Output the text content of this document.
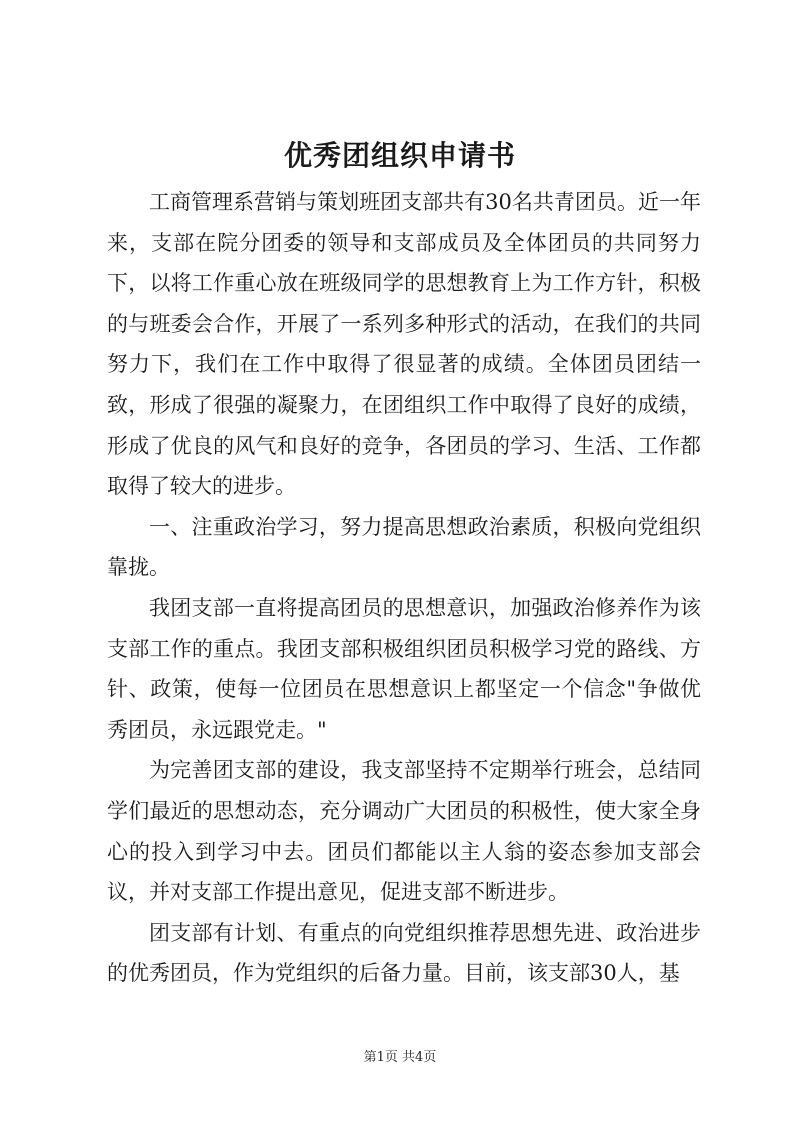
优秀团组织申请书

工商管理系营销与策划班团支部共有30名共青团员。近一年来，支部在院分团委的领导和支部成员及全体团员的共同努力下，以将工作重心放在班级同学的思想教育上为工作方针，积极的与班委会合作，开展了一系列多种形式的活动，在我们的共同努力下，我们在工作中取得了很显著的成绩。全体团员团结一致，形成了很强的凝聚力，在团组织工作中取得了良好的成绩，形成了优良的风气和良好的竞争，各团员的学习、生活、工作都取得了较大的进步。

一、注重政治学习，努力提高思想政治素质，积极向党组织靠拢。

我团支部一直将提高团员的思想意识，加强政治修养作为该支部工作的重点。我团支部积极组织团员积极学习党的路线、方针、政策，使每一位团员在思想意识上都坚定一个信念"争做优秀团员，永远跟党走。"

为完善团支部的建设，我支部坚持不定期举行班会，总结同学们最近的思想动态，充分调动广大团员的积极性，使大家全身心的投入到学习中去。团员们都能以主人翁的姿态参加支部会议，并对支部工作提出意见，促进支部不断进步。

团支部有计划、有重点的向党组织推荐思想先进、政治进步的优秀团员，作为党组织的后备力量。目前，该支部30人，基

第1页 共4页
